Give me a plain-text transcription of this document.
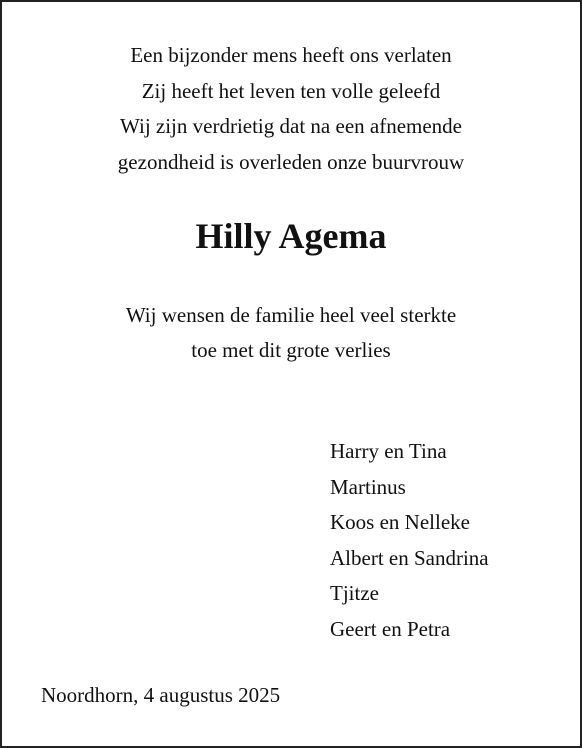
Een bijzonder mens heeft ons verlaten
Zij heeft het leven ten volle geleefd
Wij zijn verdrietig dat na een afnemende
gezondheid is overleden onze buurvrouw
Hilly Agema
Wij wensen de familie heel veel sterkte
toe met dit grote verlies
Harry en Tina
Martinus
Koos en Nelleke
Albert en Sandrina
Tjitze
Geert en Petra
Noordhorn, 4 augustus 2025
